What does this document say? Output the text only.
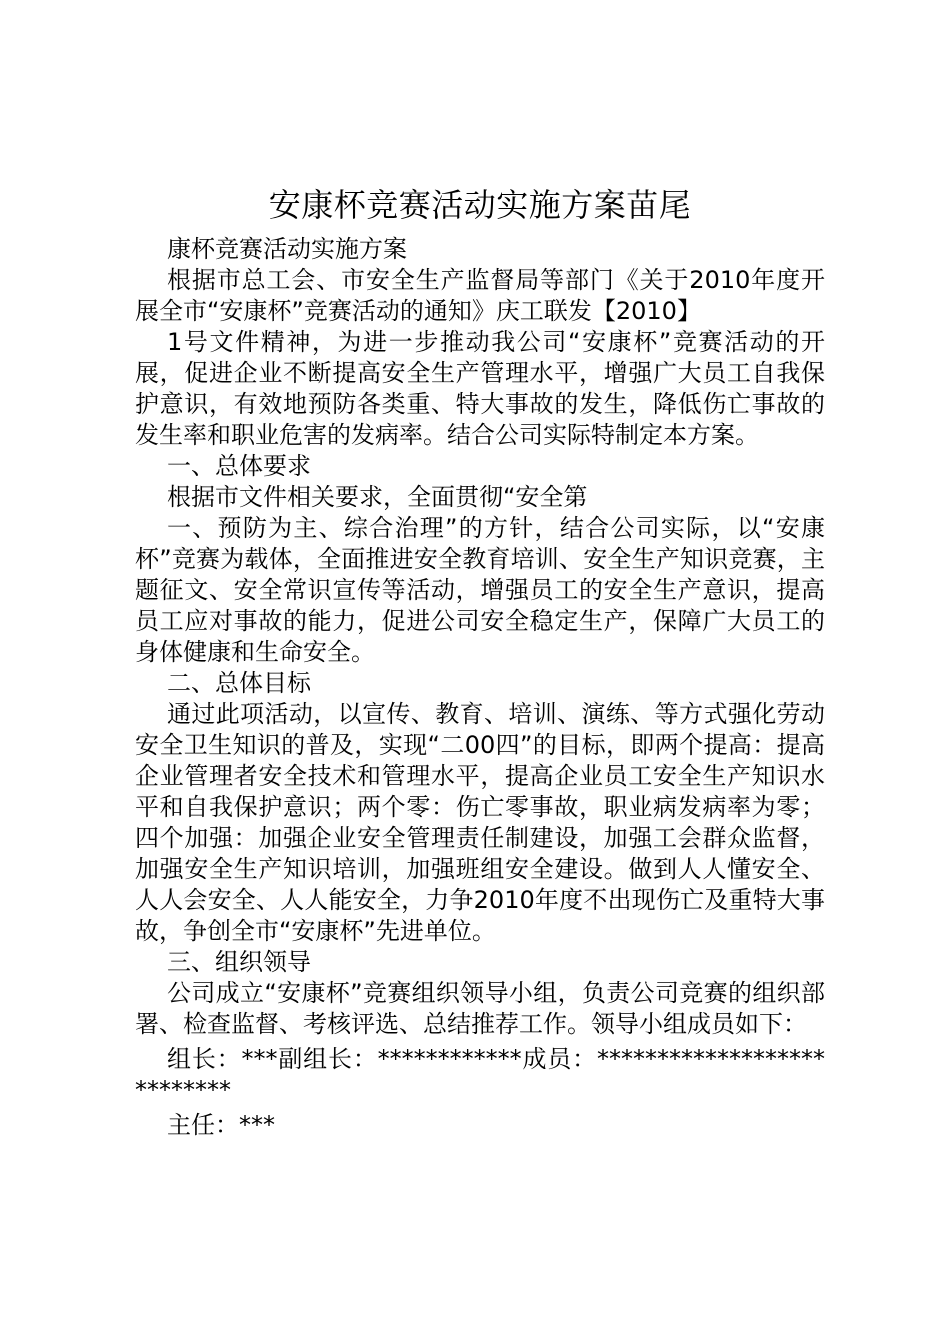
安康杯竞赛活动实施方案苗尾

康杯竞赛活动实施方案

根据市总工会、市安全生产监督局等部门《关于2010年度开展全市“安康杯”竞赛活动的通知》庆工联发【2010】

1号文件精神，为进一步推动我公司“安康杯”竞赛活动的开展，促进企业不断提高安全生产管理水平，增强广大员工自我保护意识，有效地预防各类重、特大事故的发生，降低伤亡事故的发生率和职业危害的发病率。结合公司实际特制定本方案。

一、总体要求

根据市文件相关要求，全面贯彻“安全第

一、预防为主、综合治理”的方针，结合公司实际，以“安康杯”竞赛为载体，全面推进安全教育培训、安全生产知识竞赛，主题征文、安全常识宣传等活动，增强员工的安全生产意识，提高员工应对事故的能力，促进公司安全稳定生产，保障广大员工的身体健康和生命安全。

二、总体目标

通过此项活动，以宣传、教育、培训、演练、等方式强化劳动安全卫生知识的普及，实现“二00四”的目标，即两个提高：提高企业管理者安全技术和管理水平，提高企业员工安全生产知识水平和自我保护意识；两个零：伤亡零事故，职业病发病率为零；四个加强：加强企业安全管理责任制建设，加强工会群众监督，加强安全生产知识培训，加强班组安全建设。做到人人懂安全、人人会安全、人人能安全，力争2010年度不出现伤亡及重特大事故，争创全市“安康杯”先进单位。

三、组织领导

公司成立“安康杯”竞赛组织领导小组，负责公司竞赛的组织部署、检查监督、考核评选、总结推荐工作。领导小组成员如下：

组长：***副组长：************成员：***************************

主任：***
